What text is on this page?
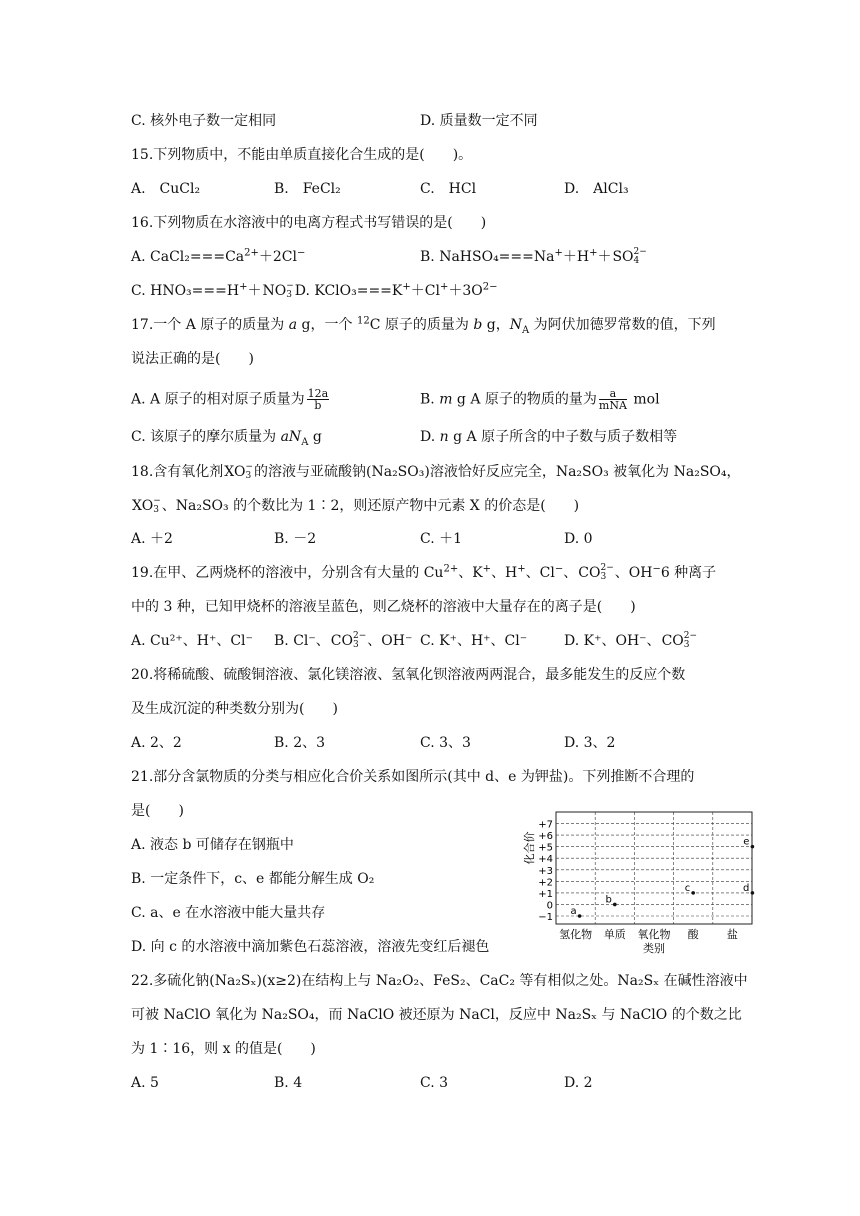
C. 核外电子数一定相同	D. 质量数一定不同
15.下列物质中，不能由单质直接化合生成的是(　　)。
A.　CuCl₂	B.　FeCl₂	C.　HCl	D.　AlCl₃
16.下列物质在水溶液中的电离方程式书写错误的是(　　)
A. $CaCl_2===Ca^{2+}+2Cl^-$	B. NaHSO₄===Na+＋H+＋SO 2−
4
C. HNO₃===H+＋NO −
3 D. $KClO_3===K^++Cl^++3O^{2-}$
17.一个 A 原子的质量为 a g，一个 $^{12}$C 原子的质量为 b g，$N_A$ 为阿伏加德罗常数的值，下列
说法正确的是(　　)
A. A 原子的相对原子质量为 $\frac{12a}{b}$	B. m g A 原子的物质的量为 $\frac{a}{\text{mNA}}$ mol
C. 该原子的摩尔质量为 $aN_A$ g	D. n g A 原子所含的中子数与质子数相等
18.含有氧化剂XO −
3 的溶液与亚硫酸钠(Na₂SO₃)溶液恰好反应完全，Na₂SO₃ 被氧化为 Na₂SO₄，
XO −
3 、Na₂SO₃ 的个数比为 1∶2，则还原产物中元素 X 的价态是(　　)
A. ＋2	B. －2	C. ＋1	D. 0
19.在甲、乙两烧杯的溶液中，分别含有大量的 $Cu^{2+}$、K+、H+、Cl−、CO 2−
3 、OH−6 种离子
中的 3 种，已知甲烧杯的溶液呈蓝色，则乙烧杯的溶液中大量存在的离子是(　　)
A. Cu²⁺、H⁺、Cl⁻ B. Cl⁻、CO 2−
3 、OH⁻ C. K⁺、H⁺、Cl⁻	D. K⁺、OH⁻、CO 2−
3
20.将稀硫酸、硫酸铜溶液、氯化镁溶液、氢氧化钡溶液两两混合，最多能发生的反应个数
及生成沉淀的种类数分别为(　　)
A. 2、2	B. 2、3	C. 3、3	D. 3、2
21.部分含氯物质的分类与相应化合价关系如图所示(其中 d、e 为钾盐)。下列推断不合理的
是(　　)
A. 液态 b 可储存在钢瓶中
B. 一定条件下，c、e 都能分解生成 O₂
C. a、e 在水溶液中能大量共存
D. 向 c 的水溶液中滴加紫色石蕊溶液，溶液先变红后褪色
+7
+6
+5
+4
+3
+2
+1
0
−1
氢化物 单质 氧化物 酸	盐
a
b
c	d
e
化合价
类别
22.多硫化钠(Na₂Sₓ)(x≥2)在结构上与 Na₂O₂、FeS₂、CaC₂ 等有相似之处。Na₂Sₓ 在碱性溶液中
可被 NaClO 氧化为 Na₂SO₄，而 NaClO 被还原为 NaCl，反应中 Na₂Sₓ 与 NaClO 的个数之比
为 1∶16，则 x 的值是(　　)
A. 5	B. 4	C. 3	D. 2
